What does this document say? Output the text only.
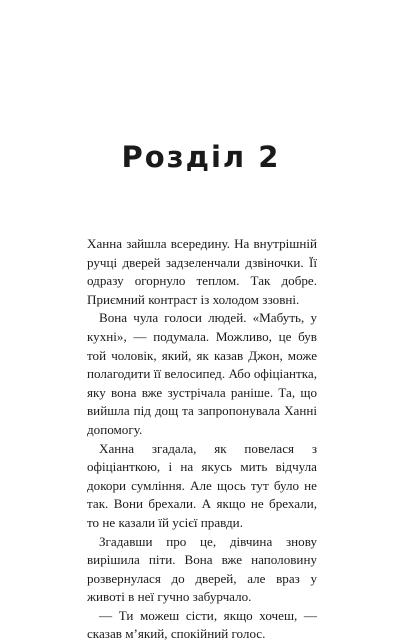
Розділ 2

Ханна зайшла всередину. На внутрішній ручці дверей задзеленчали дзвіночки. Її одразу огорнуло теплом. Так добре. Приємний контраст із холодом ззовні.

Вона чула голоси людей. «Мабуть, у кухні», — подумала. Можливо, це був той чоловік, який, як казав Джон, може полагодити її велосипед. Або офіціантка, яку вона вже зустрічала раніше. Та, що вийшла під дощ та запропонувала Ханні допомогу.

Ханна згадала, як повелася з офіціанткою, і на якусь мить відчула докори сумління. Але щось тут було не так. Вони брехали. А якщо не брехали, то не казали їй усієї правди.

Згадавши про це, дівчина знову вирішила піти. Вона вже наполовину розвернулася до дверей, але враз у животі в неї гучно забурчало.

— Ти можеш сісти, якщо хочеш, — сказав м’який, спокійний голос.
